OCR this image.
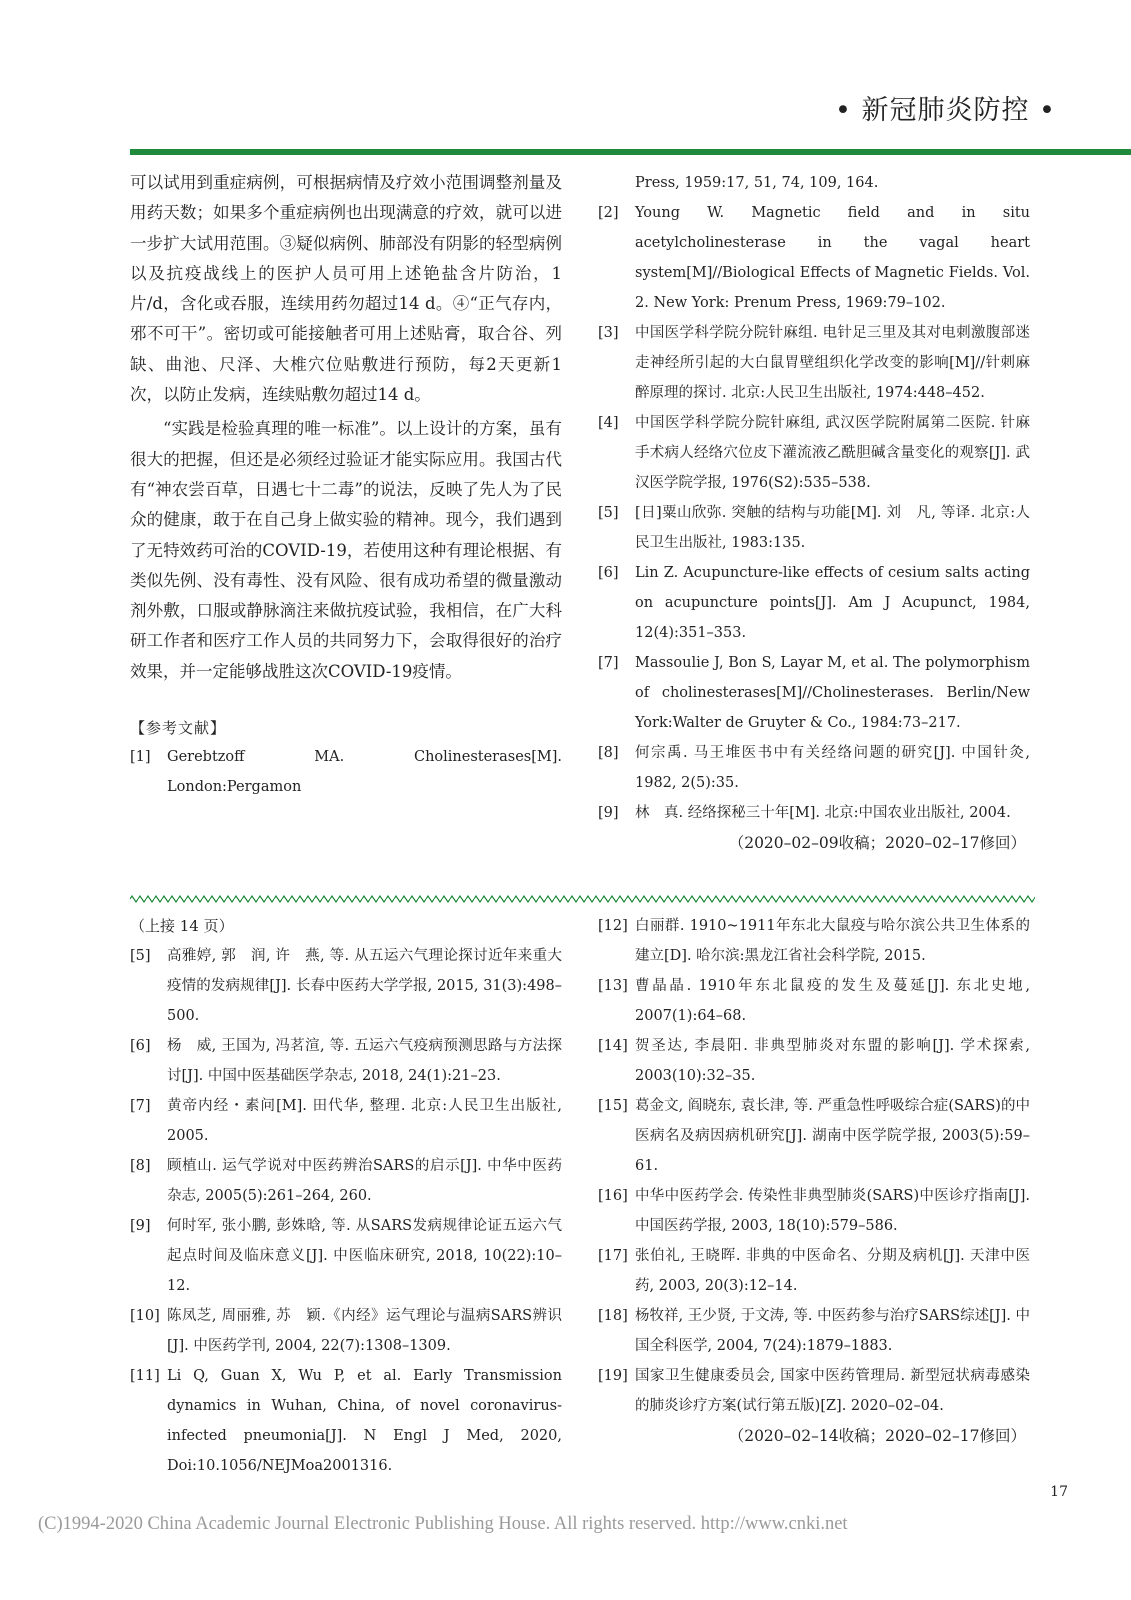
• 新冠肺炎防控 •

可以试用到重症病例，可根据病情及疗效小范围调整剂量及用药天数；如果多个重症病例也出现满意的疗效，就可以进一步扩大试用范围。③疑似病例、肺部没有阴影的轻型病例以及抗疫战线上的医护人员可用上述铯盐含片防治，1片/d，含化或吞服，连续用药勿超过14 d。④“正气存内，邪不可干”。密切或可能接触者可用上述贴膏，取合谷、列缺、曲池、尺泽、大椎穴位贴敷进行预防，每2天更新1次，以防止发病，连续贴敷勿超过14 d。

“实践是检验真理的唯一标准”。以上设计的方案，虽有很大的把握，但还是必须经过验证才能实际应用。我国古代有“神农尝百草，日遇七十二毒”的说法，反映了先人为了民众的健康，敢于在自己身上做实验的精神。现今，我们遇到了无特效药可治的COVID-19，若使用这种有理论根据、有类似先例、没有毒性、没有风险、很有成功希望的微量激动剂外敷，口服或静脉滴注来做抗疫试验，我相信，在广大科研工作者和医疗工作人员的共同努力下，会取得很好的治疗效果，并一定能够战胜这次COVID-19疫情。

【参考文献】
[1]	Gerebtzoff MA. Cholinesterases[M]. London:Pergamon
Press, 1959:17, 51, 74, 109, 164.
[2]	Young W. Magnetic field and in situ acetylcholinesterase in the vagal heart system[M]//Biological Effects of Magnetic Fields. Vol. 2. New York: Prenum Press, 1969:79–102.
[3]	中国医学科学院分院针麻组. 电针足三里及其对电刺激腹部迷走神经所引起的大白鼠胃壁组织化学改变的影响[M]//针刺麻醉原理的探讨. 北京:人民卫生出版社, 1974:448–452.
[4]	中国医学科学院分院针麻组, 武汉医学院附属第二医院. 针麻手术病人经络穴位皮下灌流液乙酰胆碱含量变化的观察[J]. 武汉医学院学报, 1976(S2):535–538.
[5]	[日]粟山欣弥. 突触的结构与功能[M]. 刘　凡, 等译. 北京:人民卫生出版社, 1983:135.
[6]	Lin Z. Acupuncture-like effects of cesium salts acting on acupuncture points[J]. Am J Acupunct, 1984, 12(4):351–353.
[7]	Massoulie J, Bon S, Layar M, et al. The polymorphism of cholinesterases[M]//Cholinesterases. Berlin/New York:Walter de Gruyter & Co., 1984:73–217.
[8]	何宗禹. 马王堆医书中有关经络问题的研究[J]. 中国针灸, 1982, 2(5):35.
[9]	林　真. 经络探秘三十年[M]. 北京:中国农业出版社, 2004.
（2020–02–09收稿；2020–02–17修回）
（上接 14 页）
[5]	高雅婷, 郭　润, 许　燕, 等. 从五运六气理论探讨近年来重大疫情的发病规律[J]. 长春中医药大学学报, 2015, 31(3):498–500.
[6]	杨　威, 王国为, 冯茗渲, 等. 五运六气疫病预测思路与方法探讨[J]. 中国中医基础医学杂志, 2018, 24(1):21–23.
[7]	黄帝内经・素问[M]. 田代华, 整理. 北京:人民卫生出版社, 2005.
[8]	顾植山. 运气学说对中医药辨治SARS的启示[J]. 中华中医药杂志, 2005(5):261–264, 260.
[9]	何时军, 张小鹏, 彭姝晗, 等. 从SARS发病规律论证五运六气起点时间及临床意义[J]. 中医临床研究, 2018, 10(22):10–12.
[10] 陈凤芝, 周丽雅, 苏　颖.《内经》运气理论与温病SARS辨识[J]. 中医药学刊, 2004, 22(7):1308–1309.
[11] Li Q, Guan X, Wu P, et al. Early Transmission dynamics in Wuhan, China, of novel coronavirus-infected pneumonia[J]. N Engl J Med, 2020, Doi:10.1056/NEJMoa2001316.
[12] 白丽群. 1910~1911年东北大鼠疫与哈尔滨公共卫生体系的建立[D]. 哈尔滨:黑龙江省社会科学院, 2015.
[13] 曹晶晶. 1910年东北鼠疫的发生及蔓延[J]. 东北史地, 2007(1):64–68.
[14] 贺圣达, 李晨阳. 非典型肺炎对东盟的影响[J]. 学术探索, 2003(10):32–35.
[15] 葛金文, 阎晓东, 袁长津, 等. 严重急性呼吸综合症(SARS)的中医病名及病因病机研究[J]. 湖南中医学院学报, 2003(5):59–61.
[16] 中华中医药学会. 传染性非典型肺炎(SARS)中医诊疗指南[J]. 中国医药学报, 2003, 18(10):579–586.
[17] 张伯礼, 王晓晖. 非典的中医命名、分期及病机[J]. 天津中医药, 2003, 20(3):12–14.
[18] 杨牧祥, 王少贤, 于文涛, 等. 中医药参与治疗SARS综述[J]. 中国全科医学, 2004, 7(24):1879–1883.
[19] 国家卫生健康委员会, 国家中医药管理局. 新型冠状病毒感染的肺炎诊疗方案(试行第五版)[Z]. 2020–02–04.
（2020–02–14收稿；2020–02–17修回）
17
(C)1994-2020 China Academic Journal Electronic Publishing House. All rights reserved. http://www.cnki.net
